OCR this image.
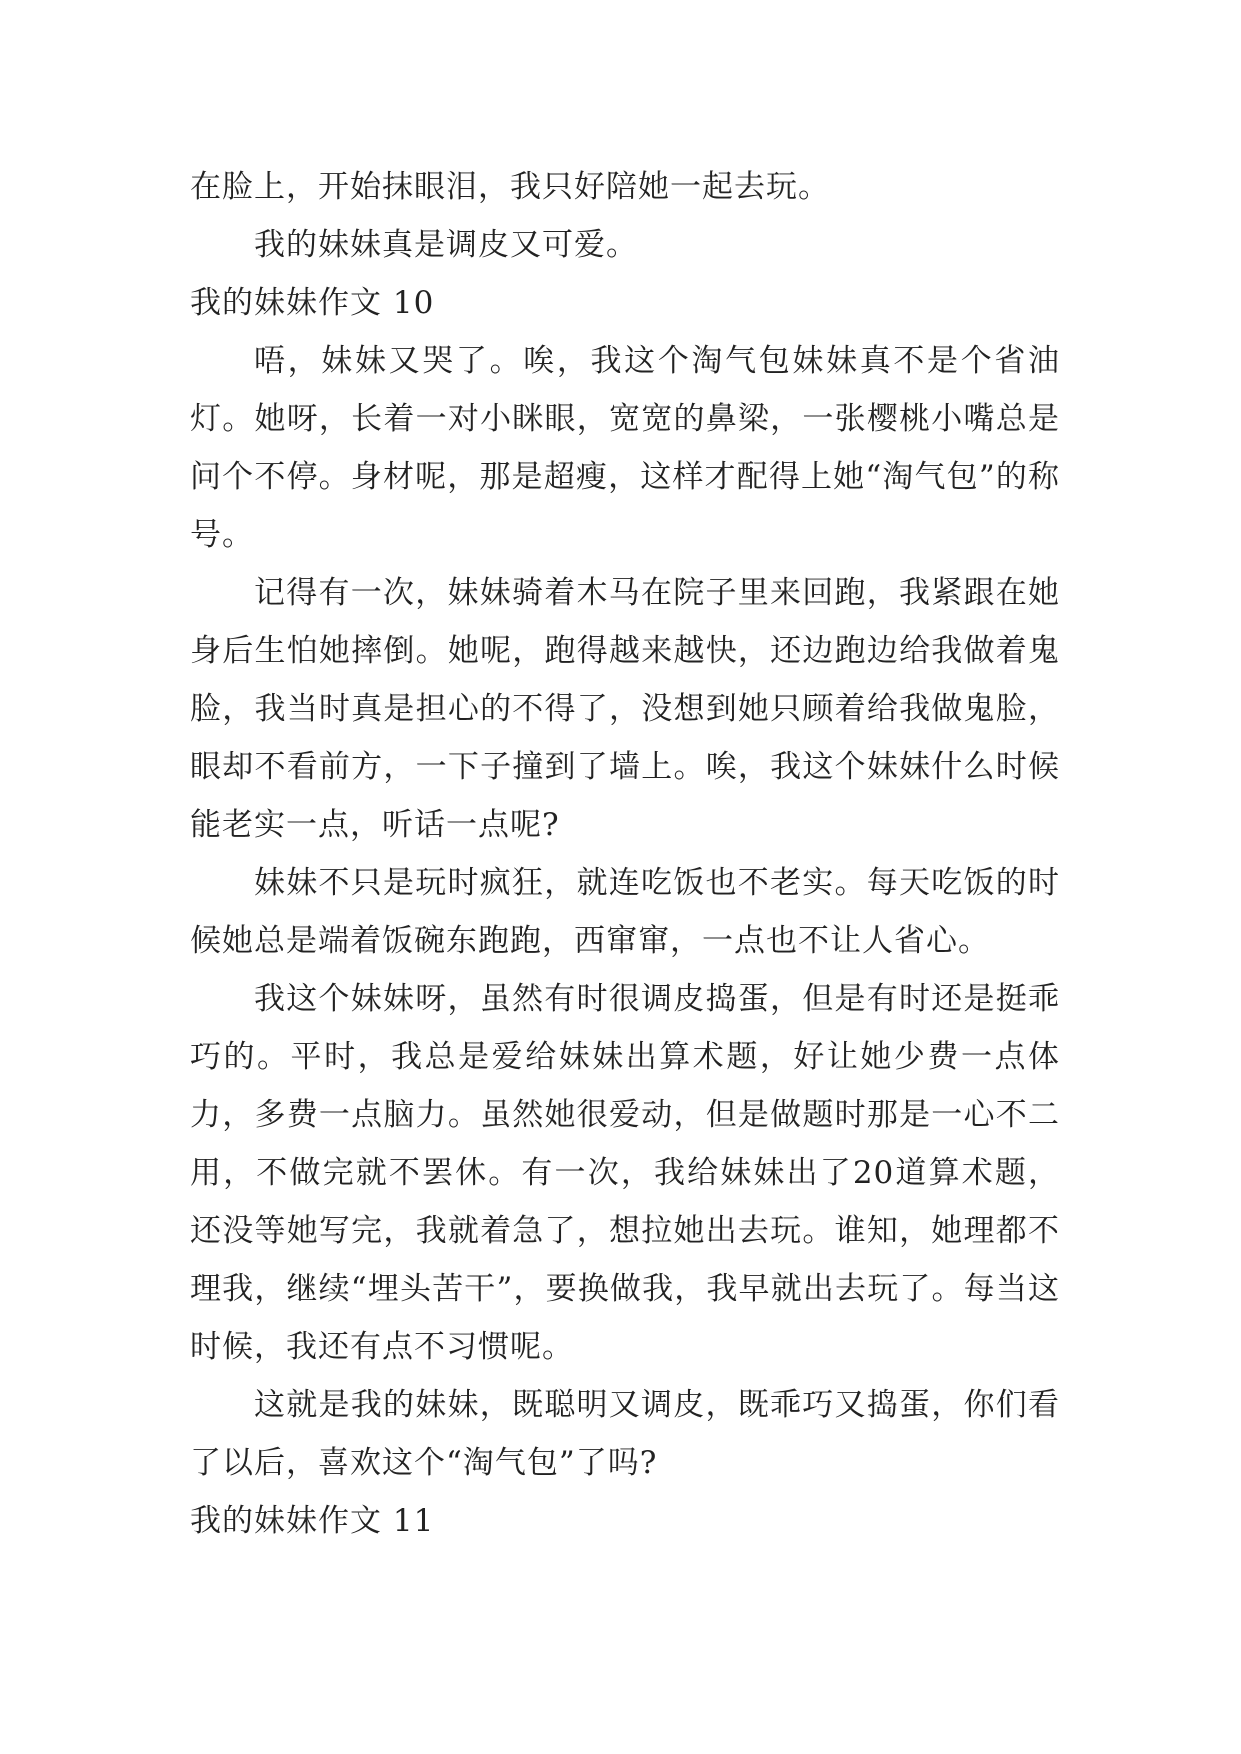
在脸上，开始抹眼泪，我只好陪她一起去玩。

我的妹妹真是调皮又可爱。

我的妹妹作文 10

唔，妹妹又哭了。唉，我这个淘气包妹妹真不是个省油灯。她呀，长着一对小眯眼，宽宽的鼻梁，一张樱桃小嘴总是问个不停。身材呢，那是超瘦，这样才配得上她“淘气包”的称号。

记得有一次，妹妹骑着木马在院子里来回跑，我紧跟在她身后生怕她摔倒。她呢，跑得越来越快，还边跑边给我做着鬼脸，我当时真是担心的不得了，没想到她只顾着给我做鬼脸，眼却不看前方，一下子撞到了墙上。唉，我这个妹妹什么时候能老实一点，听话一点呢?

妹妹不只是玩时疯狂，就连吃饭也不老实。每天吃饭的时候她总是端着饭碗东跑跑，西窜窜，一点也不让人省心。

我这个妹妹呀，虽然有时很调皮捣蛋，但是有时还是挺乖巧的。平时，我总是爱给妹妹出算术题，好让她少费一点体力，多费一点脑力。虽然她很爱动，但是做题时那是一心不二用，不做完就不罢休。有一次，我给妹妹出了20道算术题，还没等她写完，我就着急了，想拉她出去玩。谁知，她理都不理我，继续“埋头苦干”，要换做我，我早就出去玩了。每当这时候，我还有点不习惯呢。

这就是我的妹妹，既聪明又调皮，既乖巧又捣蛋，你们看了以后，喜欢这个“淘气包”了吗?

我的妹妹作文 11
